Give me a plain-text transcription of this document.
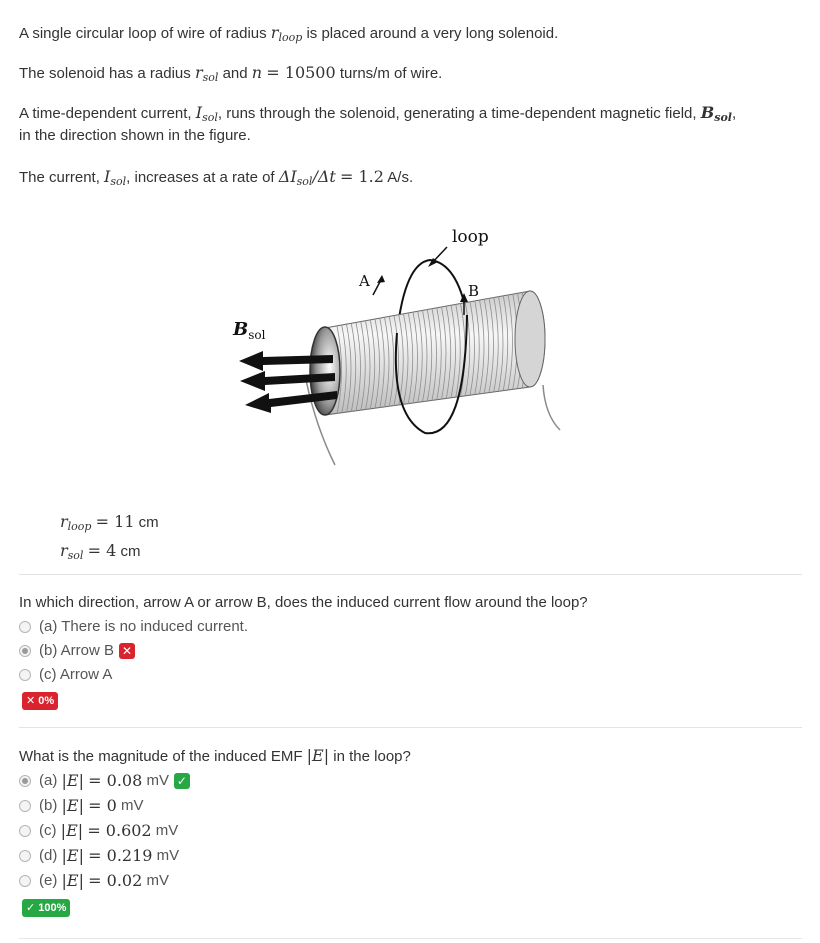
A single circular loop of wire of radius $r_{loop}$ is placed around a very long solenoid.

The solenoid has a radius $r_{sol}$ and n = 10500 turns/m of wire.

A time-dependent current, $I_{sol}$, runs through the solenoid, generating a time-dependent magnetic field, $B_{sol}$,

in the direction shown in the figure.

The current, $I_{sol}$, increases at a rate of $\Delta I_{sol}/\Delta t = 1.2$ A/s.

loop
A
B
$B_{sol}$
$r_{loop} = 11$ cm
$r_{sol} = 4$ cm

In which direction, arrow A or arrow B, does the induced current flow around the loop?

(a) There is no induced current.
(b) Arrow B ✕
(c) Arrow A
✕ 0%

What is the magnitude of the induced EMF |E| in the loop?

(a)
|E|
= 0.08
mV ✓
(b)
|E|
= 0
mV
(c)
|E|
= 0.602
mV
(d)
|E|
= 0.219
mV
(e)
|E|
= 0.02
mV
✓ 100%
